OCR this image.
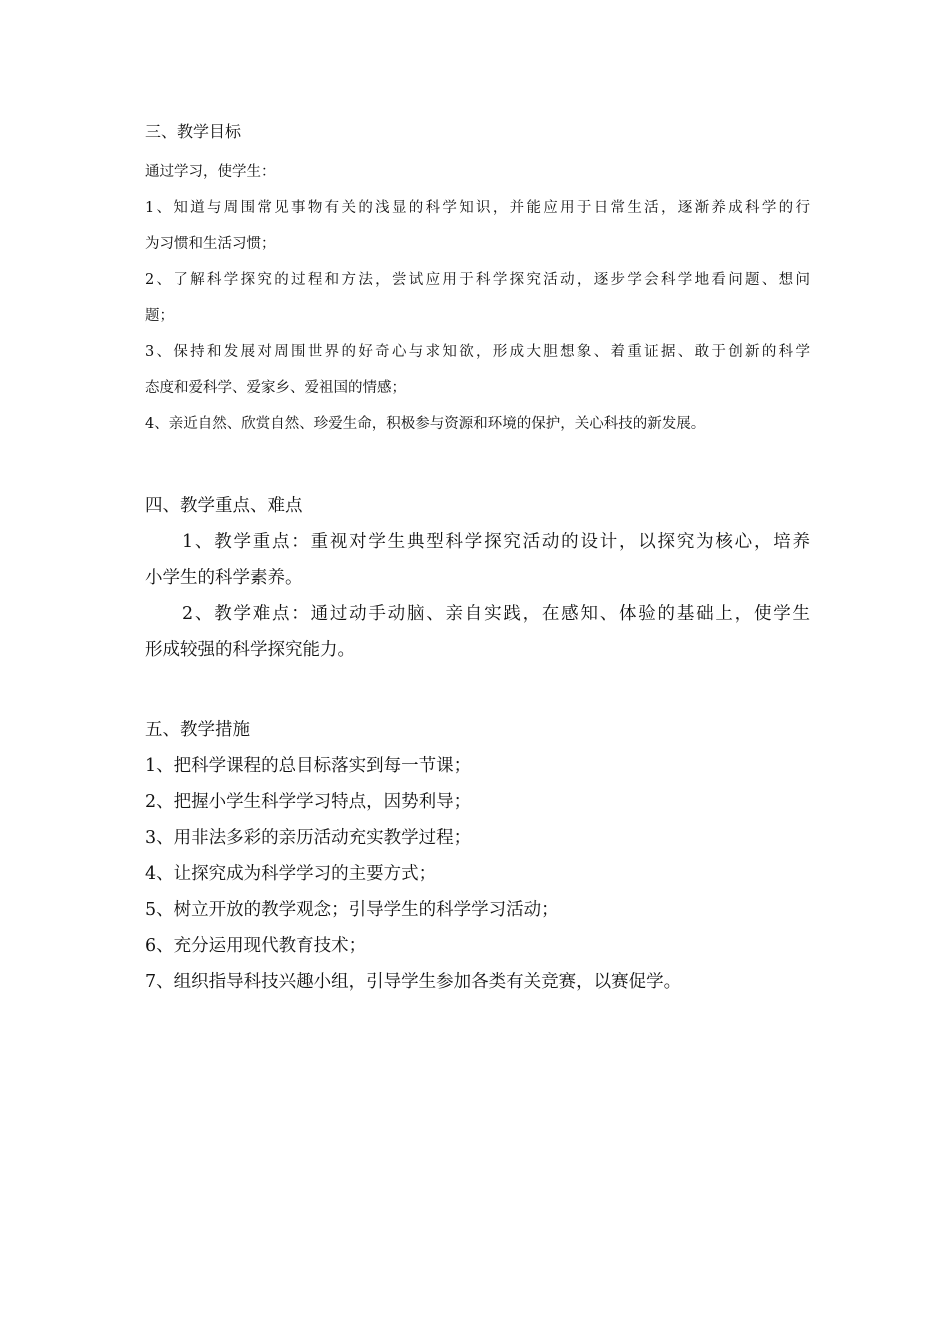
三、教学目标
通过学习，使学生：
1、知道与周围常见事物有关的浅显的科学知识，并能应用于日常生活，逐渐养成科学的行
为习惯和生活习惯；
2、了解科学探究的过程和方法，尝试应用于科学探究活动，逐步学会科学地看问题、想问
题；
3、保持和发展对周围世界的好奇心与求知欲，形成大胆想象、着重证据、敢于创新的科学
态度和爱科学、爱家乡、爱祖国的情感；
4、亲近自然、欣赏自然、珍爱生命，积极参与资源和环境的保护，关心科技的新发展。
四、教学重点、难点
1、教学重点：重视对学生典型科学探究活动的设计，以探究为核心，培养
小学生的科学素养。
2、教学难点：通过动手动脑、亲自实践，在感知、体验的基础上，使学生
形成较强的科学探究能力。
五、教学措施
1、把科学课程的总目标落实到每一节课；
2、把握小学生科学学习特点，因势利导；
3、用非法多彩的亲历活动充实教学过程；
4、让探究成为科学学习的主要方式；
5、树立开放的教学观念；引导学生的科学学习活动；
6、充分运用现代教育技术；
7、组织指导科技兴趣小组，引导学生参加各类有关竞赛，以赛促学。
